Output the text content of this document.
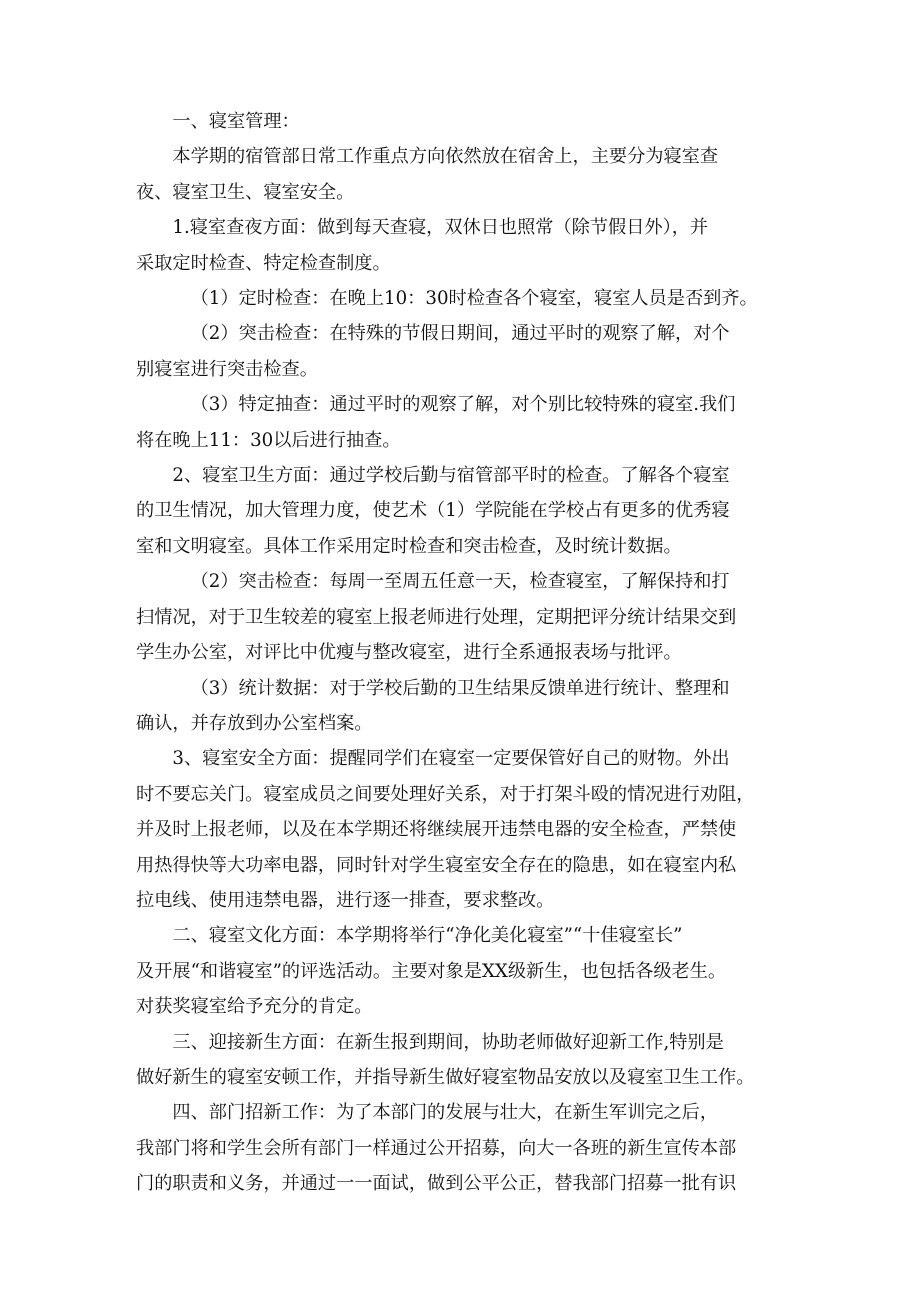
一、寝室管理：
本学期的宿管部日常工作重点方向依然放在宿舍上，主要分为寝室查
夜、寝室卫生、寝室安全。
1.寝室查夜方面：做到每天查寝，双休日也照常（除节假日外），并
采取定时检查、特定检查制度。
（1）定时检查：在晚上10：30时检查各个寝室，寝室人员是否到齐。
（2）突击检查：在特殊的节假日期间，通过平时的观察了解，对个
别寝室进行突击检查。
（3）特定抽查：通过平时的观察了解，对个别比较特殊的寝室.我们
将在晚上11：30以后进行抽查。
2、寝室卫生方面：通过学校后勤与宿管部平时的检查。了解各个寝室
的卫生情况，加大管理力度，使艺术（1）学院能在学校占有更多的优秀寝
室和文明寝室。具体工作采用定时检查和突击检查，及时统计数据。
（2）突击检查：每周一至周五任意一天，检查寝室，了解保持和打
扫情况，对于卫生较差的寝室上报老师进行处理，定期把评分统计结果交到
学生办公室，对评比中优瘦与整改寝室，进行全系通报表场与批评。
（3）统计数据：对于学校后勤的卫生结果反馈单进行统计、整理和
确认，并存放到办公室档案。
3、寝室安全方面：提醒同学们在寝室一定要保管好自己的财物。外出
时不要忘关门。寝室成员之间要处理好关系，对于打架斗殴的情况进行劝阻，
并及时上报老师，以及在本学期还将继续展开违禁电器的安全检查，严禁使
用热得快等大功率电器，同时针对学生寝室安全存在的隐患，如在寝室内私
拉电线、使用违禁电器，进行逐一排查，要求整改。
二、寝室文化方面：本学期将举行“净化美化寝室”“十佳寝室长”
及开展“和谐寝室”的评选活动。主要对象是XX级新生，也包括各级老生。
对获奖寝室给予充分的肯定。
三、迎接新生方面：在新生报到期间，协助老师做好迎新工作,特别是
做好新生的寝室安顿工作，并指导新生做好寝室物品安放以及寝室卫生工作。
四、部门招新工作：为了本部门的发展与壮大，在新生军训完之后，
我部门将和学生会所有部门一样通过公开招募，向大一各班的新生宣传本部
门的职责和义务，并通过一一面试，做到公平公正，替我部门招募一批有识
